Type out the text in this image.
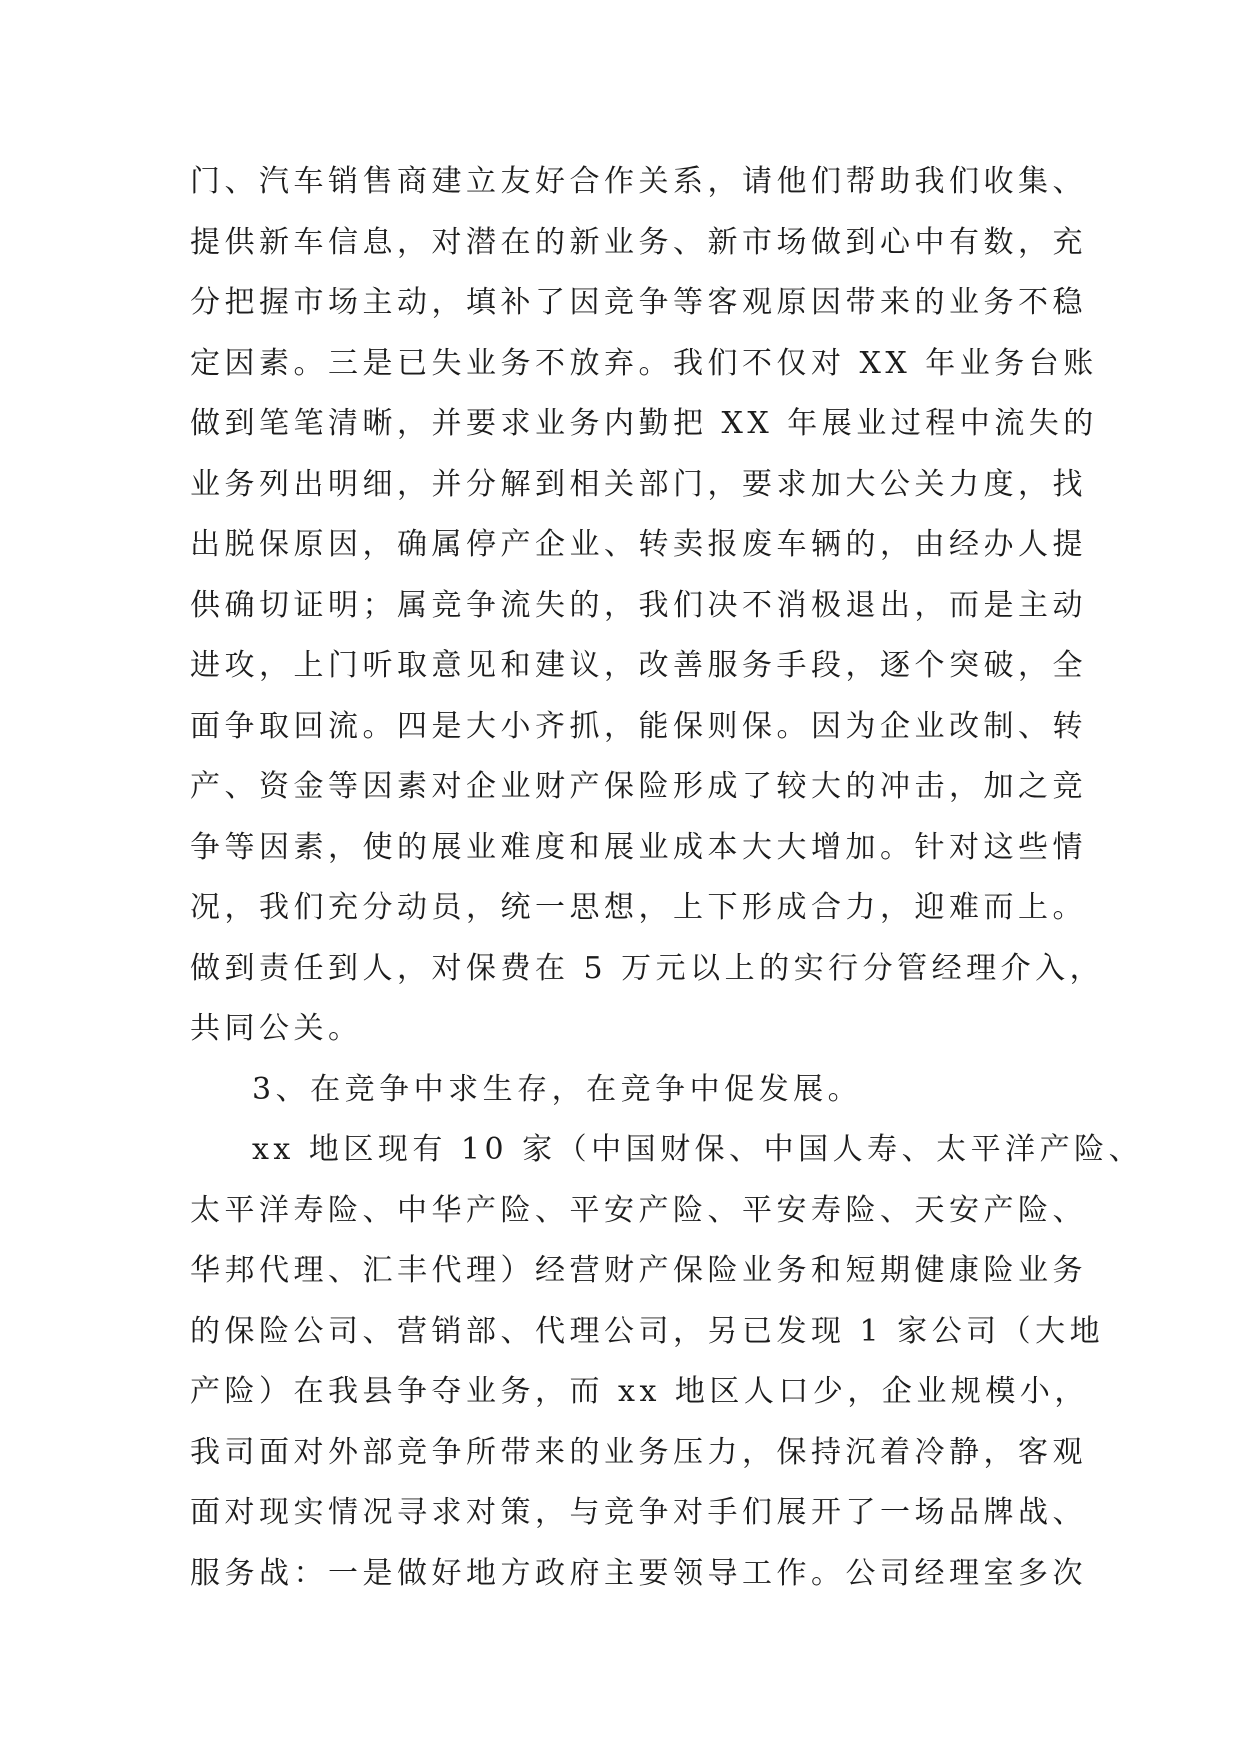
门、汽车销售商建立友好合作关系，请他们帮助我们收集、
提供新车信息，对潜在的新业务、新市场做到心中有数，充
分把握市场主动，填补了因竞争等客观原因带来的业务不稳
定因素。三是已失业务不放弃。我们不仅对 XX 年业务台账
做到笔笔清晰，并要求业务内勤把 XX 年展业过程中流失的
业务列出明细，并分解到相关部门，要求加大公关力度，找
出脱保原因，确属停产企业、转卖报废车辆的，由经办人提
供确切证明；属竞争流失的，我们决不消极退出，而是主动
进攻，上门听取意见和建议，改善服务手段，逐个突破，全
面争取回流。四是大小齐抓，能保则保。因为企业改制、转
产、资金等因素对企业财产保险形成了较大的冲击，加之竞
争等因素，使的展业难度和展业成本大大增加。针对这些情
况，我们充分动员，统一思想，上下形成合力，迎难而上。
做到责任到人，对保费在 5 万元以上的实行分管经理介入，
共同公关。
3、在竞争中求生存，在竞争中促发展。
xx 地区现有 10 家（中国财保、中国人寿、太平洋产险、
太平洋寿险、中华产险、平安产险、平安寿险、天安产险、
华邦代理、汇丰代理）经营财产保险业务和短期健康险业务
的保险公司、营销部、代理公司，另已发现 1 家公司（大地
产险）在我县争夺业务，而 xx 地区人口少，企业规模小，
我司面对外部竞争所带来的业务压力，保持沉着冷静，客观
面对现实情况寻求对策，与竞争对手们展开了一场品牌战、
服务战：一是做好地方政府主要领导工作。公司经理室多次
